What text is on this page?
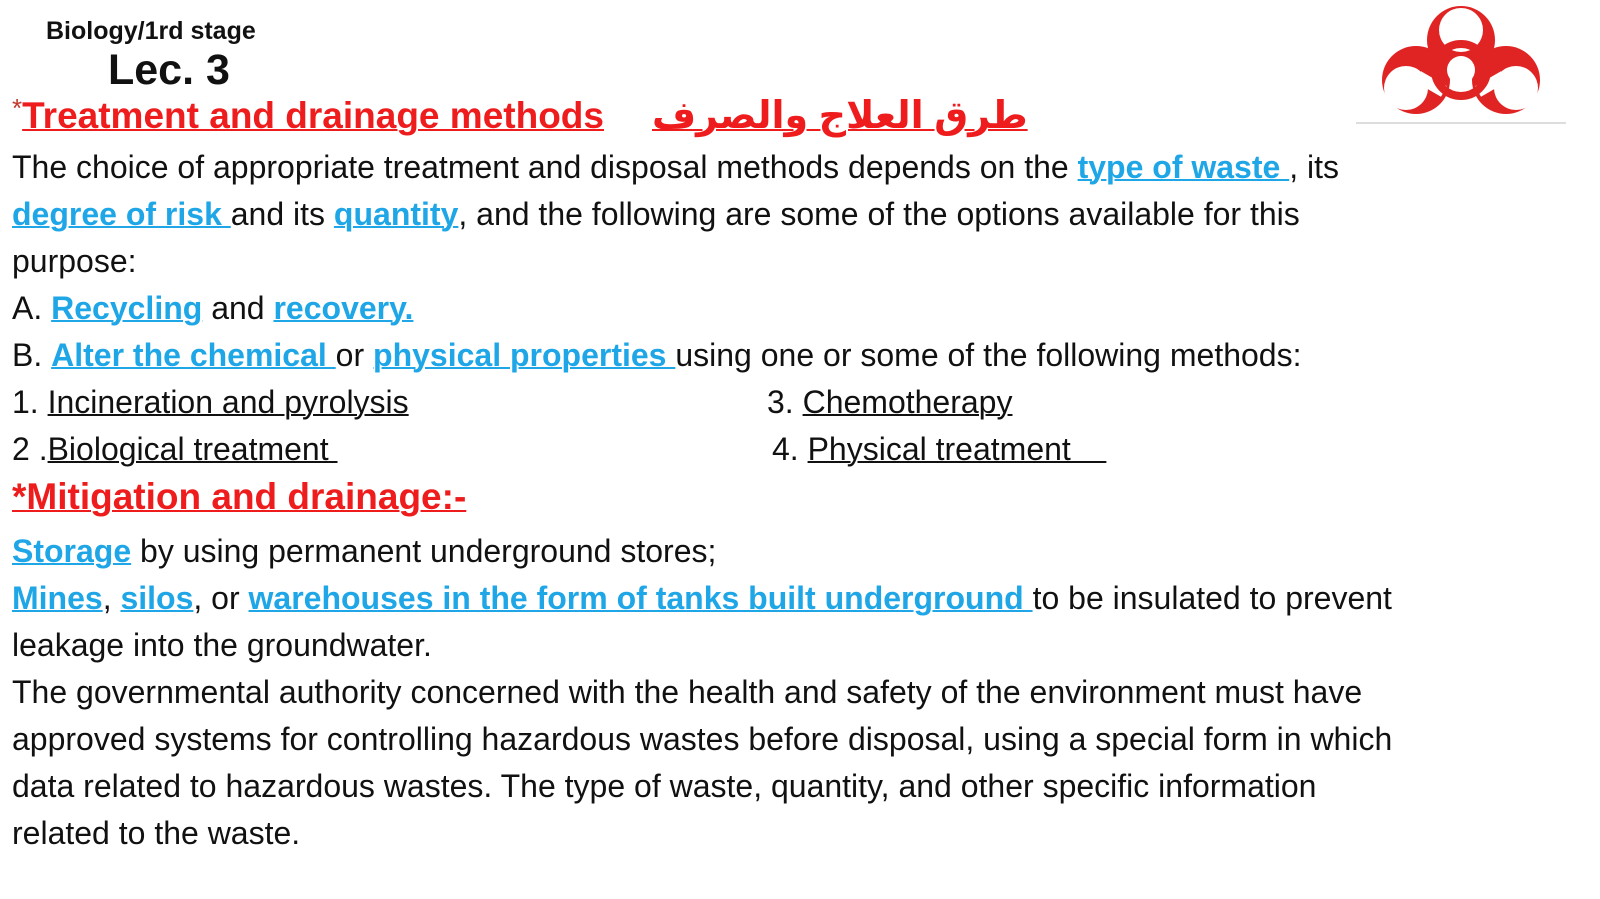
Biology/1rd stage
Lec. 3
*Treatment and drainage methods طرق العلاج والصرف
The choice of appropriate treatment and disposal methods depends on the type of waste , its
degree of risk and its quantity, and the following are some of the options available for this
purpose:
A. Recycling and recovery.
B. Alter the chemical or physical properties using one or some of the following methods:
1. Incineration and pyrolysis	3. Chemotherapy
2 .Biological treatment	4. Physical treatment
*Mitigation and drainage:-
Storage by using permanent underground stores;
Mines, silos, or warehouses in the form of tanks built underground to be insulated to prevent
leakage into the groundwater.
The governmental authority concerned with the health and safety of the environment must have
approved systems for controlling hazardous wastes before disposal, using a special form in which
data related to hazardous wastes. The type of waste, quantity, and other specific information
related to the waste.
